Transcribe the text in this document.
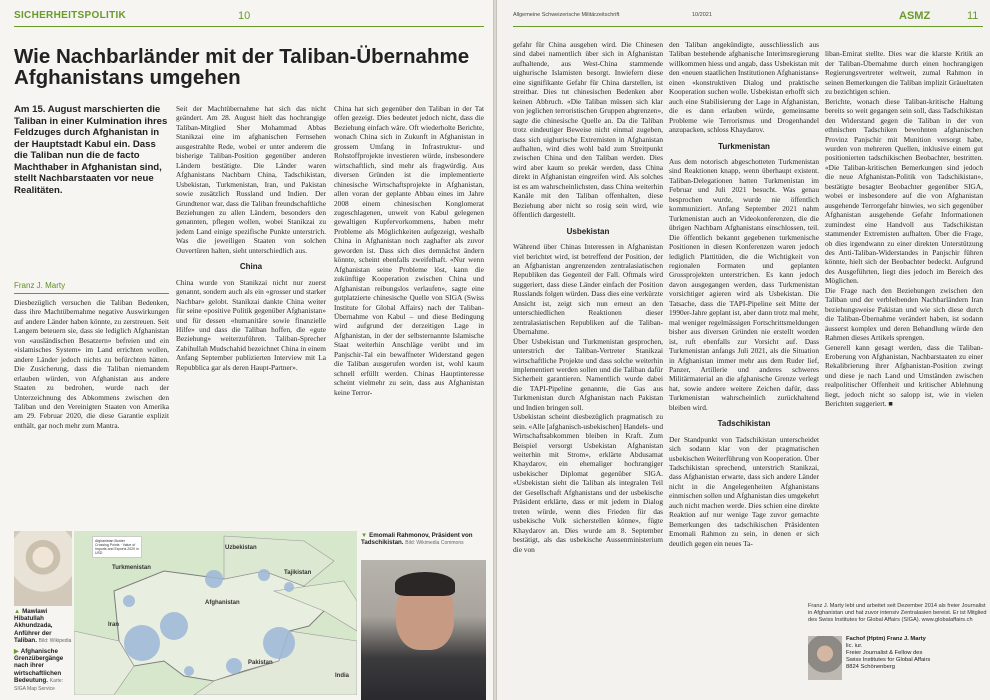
SICHERHEITSPOLITIK	10
Wie Nachbarländer mit der Taliban-Übernahme Afghanistans umgehen
Am 15. August marschierten die Taliban in einer Kulmination ihres Feldzuges durch Afghanistan in der Hauptstadt Kabul ein. Dass die Taliban nun die de facto Machthaber in Afghanistan sind, stellt Nachbarstaaten vor neue Realitäten.
Franz J. Marty

Diesbezüglich versuchen die Taliban Bedenken, dass ihre Machtübernahme negative Auswirkungen auf andere Länder haben könnte, zu zerstreuen. Seit Langem beteuern sie, dass sie lediglich Afghanistan von «ausländischen Besatzern» befreien und ein «islamisches System» im Land errichten wollen, andere Länder jedoch nichts zu befürchten hätten. Die Zusicherung, dass die Taliban niemandem erlauben würden, von Afghanistan aus andere Staaten zu bedrohen, wurde nach der Unterzeichnung des Abkommens zwischen den Taliban und den Vereinigten Staaten von Amerika am 29. Februar 2020, die diese Garantie explizit enthält, gar noch mehr zum Mantra.

Seit der Machtübernahme hat sich das nicht geändert. Am 28. August hielt das hochrangige Taliban-Mitglied Sher Mohammad Abbas Stanikzai eine im afghanischen Fernsehen ausgestrahlte Rede, wobei er unter anderem die bisherige Taliban-Position gegenüber anderen Ländern bestätigte. Die Länder waren Afghanistans Nachbarn China, Tadschikistan, Usbekistan, Turkmenistan, Iran, und Pakistan sowie zusätzlich Russland und Indien. Der Grundtenor war, dass die Taliban freundschaftliche Beziehungen zu allen Ländern, besonders den genannten, pflegen wollen, wobei Stanikzai zu jedem Land einige spezifische Punkte unterstrich. Was die jeweiligen Staaten von solchen Ouvertüren halten, sieht unterschiedlich aus.

China

China wurde von Stanikzai nicht nur zuerst genannt, sondern auch als ein «grosser und starker Nachbar» gelobt. Stanikzai dankte China weiter für seine «positive Politik gegenüber Afghanistan» und für dessen «humanitäre sowie finanzielle Hilfe» und dass die Taliban hoffen, die «gute Beziehung» weiterzuführen. Taliban-Sprecher Zabihullah Mudschahid bezeichnet China in einem Anfang September publizierten Interview mit La Repubblica gar als deren Haupt-Partner».

China hat sich gegenüber den Taliban in der Tat offen gezeigt. Dies bedeutet jedoch nicht, dass die Beziehung einfach wäre. Oft wiederholte Berichte, wonach China sich in Zukunft in Afghanistan in grossem Umfang in Infrastruktur- und Rohstoffprojekte investieren würde, insbesondere wirtschaftlich, sind mehr als fragwürdig. Aus diversen Gründen ist die implementierte chinesische Wirtschaftsprojekte in Afghanistan, allen voran der geplante Abbau eines im Jahre 2008 einem chinesischen Konglomerat zugeschlagenen, unweit von Kabul gelegenen gewaltigen Kupfervorkommens, haben mehr Probleme als Möglichkeiten aufgezeigt, weshalb China in Afghanistan noch zaghafter als zuvor geworden ist. Dass sich dies demnächst ändern könnte, scheint ebenfalls zweifelhaft. «Nur wenn Afghanistan seine Probleme löst, kann die zukünftige Kooperation zwischen China und Afghanistan reibungslos verlaufen», sagte eine gutplatzierte chinesische Quelle von SIGA (Swiss Institute for Global Affairs) nach der Taliban-Übernahme von Kabul – und diese Bedingung wird aufgrund der derzeitigen Lage in Afghanistan, in der der selbsternannte Islamische Staat weiterhin Anschläge verübt und im Panjschir-Tal ein bewaffneter Widerstand gegen die Taliban ausgerufen worden ist, wohl kaum schnell erfüllt werden. Chinas Hauptinteresse scheint vielmehr zu sein, dass aus Afghanistan keine Terror-

▲ Mawlawi Hibatullah Akhundzada, Anführer der Taliban. Bild: Wikipedia
▶ Afghanische Grenzübergänge nach ihrer wirtschaftlichen Bedeutung. Karte: SIGA Map Service
Afghanistan Border Crossing Points · Value of Imports and Exports 2020 in USD
Uzbekistan
Turkmenistan
Tajikistan
Iran
Afghanistan
Pakistan
India
▼ Emomali Rahmonov, Präsident von Tadschikistan. Bild: Wikimedia Commons
Allgemeine Schweizerische Militärzeitschrift	10/2021	ASMZ	11

gefahr für China ausgehen wird. Die Chinesen sind dabei namentlich über sich in Afghanistan aufhaltende, aus West-China stammende uighurische Islamisten besorgt. Inwiefern diese eine signifikante Gefahr für China darstellen, ist streitbar. Dies tut chinesischen Bedenken aber keinen Abbruch. «Die Taliban müssen sich klar von jeglichen terroristischen Gruppen abgrenzen», sagte die chinesische Quelle an. Da die Taliban trotz eindeutiger Beweise nicht einmal zugeben, dass sich uighurische Extremisten in Afghanistan aufhalten, wird dies wohl bald zum Streitpunkt zwischen China und den Taliban werden. Dies wird aber kaum so prekär werden, dass China direkt in Afghanistan eingreifen wird. Als solches ist es am wahrscheinlichsten, dass China weiterhin Kanäle mit den Taliban offenhalten, diese Beziehung aber nicht so rosig sein wird, wie öffentlich dargestellt.

Usbekistan

Während über Chinas Interessen in Afghanistan viel berichtet wird, ist betreffend der Position, der an Afghanistan angrenzenden zentralasiatischen Republiken das Gegenteil der Fall. Oftmals wird suggeriert, dass diese Länder einfach der Position Russlands folgen würden. Dass dies eine verkürzte Ansicht ist, zeigt sich nun erneut an den unterschiedlichen Reaktionen dieser zentralasiatischen Republiken auf die Taliban-Übernahme.
Über Usbekistan und Turkmenistan gesprochen, unterstrich der Taliban-Vertreter Stanikzai wirtschaftliche Projekte und dass solche weiterhin implementiert werden sollen und die Taliban dafür Sicherheit garantieren. Namentlich wurde dabei die TAPI-Pipeline genannte, die Gas aus Turkmenistan durch Afghanistan nach Pakistan und Indien bringen soll.
Usbekistan scheint diesbezüglich pragmatisch zu sein. «Alle [afghanisch-usbekischen] Handels- und Wirtschaftsabkommen bleiben in Kraft. Zum Beispiel versorgt Usbekistan Afghanistan weiterhin mit Strom», erklärte Abdusamat Khaydarov, ein ehemaliger hochrangiger usbekischer Diplomat gegenüber SIGA. «Usbekistan sieht die Taliban als integralen Teil der Gesellschaft Afghanistans und der usbekische Präsident erklärte, dass er mit jedem in Dialog treten würde, wenn dies Frieden für das usbekische Volk sicherstellen könne», fügte Khaydarov an. Dies wurde am 8. September bestätigt, als das usbekische Aussenministerium die von

den Taliban angekündigte, ausschliesslich aus Taliban bestehende afghanische Interimsregierung willkommen hiess und angab, dass Usbekistan mit den «neuen staatlichen Institutionen Afghanistans» einen «konstruktiven Dialog und praktische Kooperation suchen wolle. Usbekistan erhofft sich auch eine Stabilisierung der Lage in Afghanistan, die es dann erlauben würde, gemeinsame Probleme wie Terrorismus und Drogenhandel anzupacken, schloss Khaydarov.

Turkmenistan

Aus dem notorisch abgeschotteten Turkmenistan sind Reaktionen knapp, wenn überhaupt existent. Taliban-Delegationen hatten Turkmenistan im Februar und Juli 2021 besucht. Was genau besprochen wurde, wurde nie öffentlich kommuniziert. Anfang September 2021 nahm Turkmenistan auch an Videokonferenzen, die die übrigen Nachbarn Afghanistans einschlossen, teil. Die öffentlich bekannt gegebenen turkmenische Positionen in diesen Konferenzen waren jedoch lediglich Plattitüden, die die Wichtigkeit von regionalen Formaten und geplanten Grossprojekten unterstrichen. Es kann jedoch davon ausgegangen werden, dass Turkmenistan vorsichtiger agieren wird als Usbekistan. Die Tatsache, dass die TAPI-Pipeline seit Mitte der 1990er-Jahre geplant ist, aber dann trotz mal mehr, mal weniger regelmässigen Fortschrittsmeldungen bisher aus diversen Gründen nie erstellt worden ist, ruft ebenfalls zur Vorsicht auf. Dass Turkmenistan anfangs Juli 2021, als die Situation in Afghanistan immer mehr aus dem Ruder lief, Panzer, Artillerie und anderes schweres Militärmaterial an die afghanische Grenze verlegt hat, sowie andere weitere Zeichen dafür, dass Turkmenistan wahrscheinlich zurückhaltend bleiben wird.

Tadschikistan

Der Standpunkt von Tadschikistan unterscheidet sich sodann klar von der pragmatischen usbekischen Weiterführung von Kooperation. Über Tadschikistan sprechend, unterstrich Stanikzai, dass Afghanistan erwarte, dass sich andere Länder nicht in die Angelegenheiten Afghanistans einmischen sollen und Afghanistan dies umgekehrt auch nicht machen werde. Dies schien eine direkte Reaktion auf nur wenige Tage zuvor gemachte Bemerkungen des tadschikischen Präsidenten Emomali Rahmon zu sein, in denen er sich deutlich gegen ein neues Ta-

liban-Emirat stellte. Dies war die klarste Kritik an der Taliban-Übernahme durch einen hochrangigen Regierungsvertreter weltweit, zumal Rahmon in seinen Bemerkungen die Taliban implizit Gräueltaten zu bezichtigen schien.
Berichte, wonach diese Taliban-kritische Haltung bereits so weit gegangen sein soll, dass Tadschikistan den Widerstand gegen die Taliban in der von ethnischen Tadschiken bewohnten afghanischen Provinz Panjschir mit Munition versorgt habe, wurden von mehreren Quellen, inklusive einem gut positionierten tadschikischen Beobachter, bestritten. «Die Taliban-kritischen Bemerkungen sind jedoch die neue Afghanistan-Politik von Tadschikistan», bestätigte besagter Beobachter gegenüber SIGA, wobei er insbesondere auf die von Afghanistan ausgehende Terrorgefahr hinwies, wo sich gegenüber Afghanistan ausgehende Gefahr Informationen zumindest eine Handvoll aus Tadschikistan stammender Extremisten aufhalten. Über die Frage, ob dies irgendwann zu einer direkten Unterstützung des Anti-Taliban-Widerstandes in Panjschir führen könnte, hielt sich der Beobachter bedeckt. Aufgrund des Ausgeführten, liegt dies jedoch im Bereich des Möglichen.
Die Frage nach den Beziehungen zwischen den Taliban und der verbleibenden Nachbarländern Iran beziehungsweise Pakistan und wie sich diese durch die Taliban-Übernahme verändert haben, ist sodann äusserst komplex und deren Behandlung würde den Rahmen dieses Artikels sprengen.
Generell kann gesagt werden, dass die Taliban-Eroberung von Afghanistan, Nachbarstaaten zu einer Rekalibrierung ihrer Afghanistan-Position zwingt und diese je nach Land und Umständen zwischen realpolitischer Offenheit und kritischer Ablehnung liegt, jedoch nicht so salopp ist, wie in vielen Berichten suggeriert. ■

Franz J. Marty lebt und arbeitet seit Dezember 2014 als freier Journalist in Afghanistan und hat zuvor intensiv Zentralasien bereist. Er ist Mitglied des Swiss Institutes for Global Affairs (SIGA). www.globalaffairs.ch
Fachof (Hptm) Franz J. Marty
lic. iur.
Freier Journalist & Fellow des
Swiss Institutes for Global Affairs
8824 Schönenberg
